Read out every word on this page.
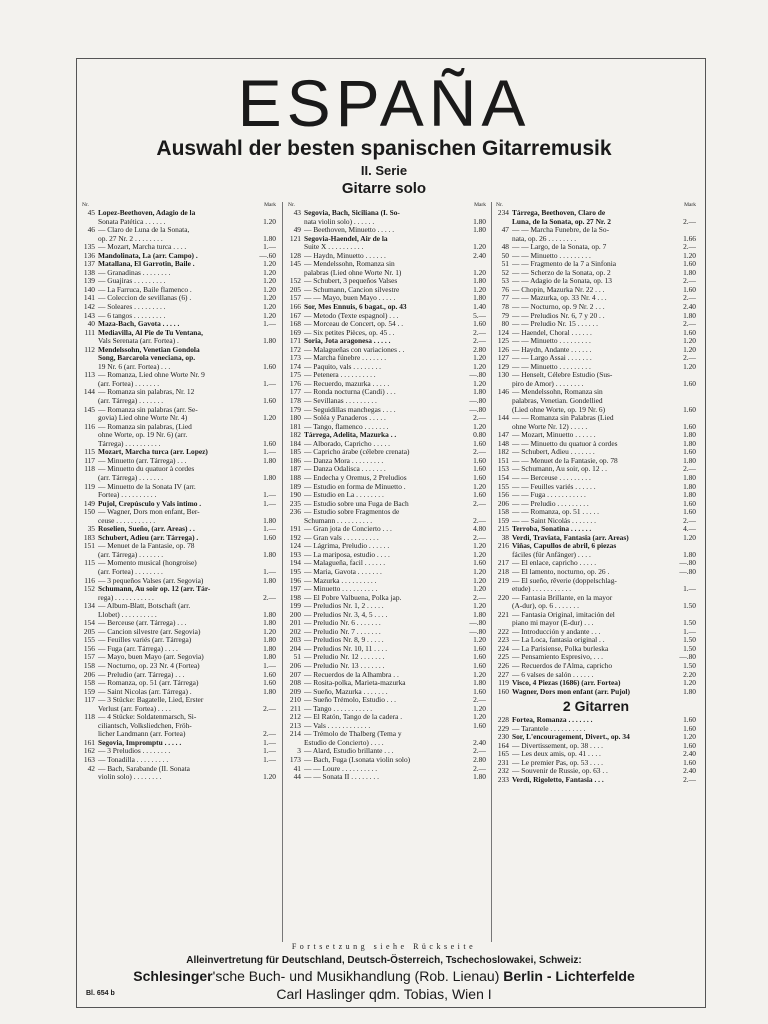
ESPAÑA
Auswahl der besten spanischen Gitarremusik
II. Serie
Gitarre solo
Nr.	Mark
45 Lopez-Beethoven, Adagio de la
Sonata Patética . . . . . .	1.20
46 — Claro de Luna de la Sonata,
op. 27 Nr. 2 . . . . . . . .	1.80
135 — Mozart, Marcha turca . . . .	1.—
136 Mandolinata, La (arr. Campo) .	—.60
137 Matallana, El Garrotin, Baile .	1.20
138 — Granadinas . . . . . . . .	1.20
139 — Guajiras . . . . . . . . .	1.20
140 — La Farruca, Baile flamenco .	1.20
141 — Coleccion de sevillanas (6) .	1.20
142 — Soleares . . . . . . . . .	1.20
143 — 6 tangos . . . . . . . . .	1.20
40 Maza-Bach, Gavota . . . . .	1.—
111 Mediavilla, Al Pie de Tu Ventana,
Vals Serenata (arr. Fortea) .	1.80
112 Mendelssohn, Venetian Gondola
Song, Barcarola veneciana, op.
19 Nr. 6 (arr. Fortea) . . .	1.60
113 — Romanza, Lied ohne Worte Nr. 9
(arr. Fortea) . . . . . . .	1.—
144 — Romanza sin palabras, Nr. 12
(arr. Tárrega) . . . . . . .	1.60
145 — Romanza sin palabras (arr. Se-
govia) Lied ohne Worte Nr. 4)	1.20
116 — Romanza sin palabras, (Lied
ohne Worte, op. 19 Nr. 6) (arr.
Tárrega) . . . . . . . . . .	1.60
115 Mozart, Marcha turca (arr. Lopez)	1.—
117 — Minuetto (arr. Tárrega) . . .	1.80
118 — Minuetto du quatuor à cordes
(arr. Tárrega) . . . . . . .	1.80
119 — Minuetto de la Sonata IV (arr.
Fortea) . . . . . . . . . .	1.—
149 Pujol, Crepúsculo y Vals intimo .	1.—
150 — Wagner, Dors mon enfant, Ber-
ceuse . . . . . . . . . . .	1.80
35 Roselien, Sueño, (arr. Areas) . .	1.—
183 Schubert, Adieu (arr. Tárrega) .	1.60
151 — Menuet de la Fantasie, op. 78
(arr. Tárrega) . . . . . . .	1.80
115 — Momento musical (hongroise)
(arr. Fortea) . . . . . . . .	1.—
116 — 3 pequeños Valses (arr. Segovia)	1.80
152 Schumann, Au soir op. 12 (arr. Tár-
rega) . . . . . . . . . . .	2.—
134 — Album-Blatt, Botschaft (arr.
Llobet) . . . . . . . . . .	1.80
154 — Berceuse (arr. Tárrega) . . .	1.80
205 — Cancion silvestre (arr. Segovia)	1.20
155 — Feuilles variés (arr. Tárrega)	1.80
156 — Fuga (arr. Tárrega) . . . .	1.80
157 — Mayo, buen Mayo (arr. Segovia)	1.80
158 — Nocturno, op. 23 Nr. 4 (Fortea)	1.—
206 — Preludio (arr. Tárrega) . . .	1.60
158 — Romanza, op. 51 (arr. Tárrega)	1.60
159 — Saint Nicolas (arr. Tárrega) .	1.80
117 — 3 Stücke: Bagatelle, Lied, Erster
Verlust (arr. Fortea) . . . .	2.—
118 — 4 Stücke: Soldatenmarsch, Si-
ciliantsch, Volksliedchen, Fröh-
licher Landmann (arr. Fortea)	2.—
161 Segovia, Impromptu . . . . .	1.—
162 — 3 Preludios . . . . . . . .	1.—
163 — Tonadilla . . . . . . . . .	1.—
42 — Bach, Sarabande (II. Sonata
violin solo) . . . . . . . .	1.20
Nr.	Mark
43 Segovia, Bach, Siciliana (I. So-
nata violin solo) . . . . . .	1.80
49 — Beethoven, Minuetto . . . . .	1.80
121 Segovia-Haendel, Air de la
Suite X . . . . . . . . . .	1.20
128 — Haydn, Minuetto . . . . . .	2.40
145 — Mendelssohn, Romanza sin
palabras (Lied ohne Worte Nr. 1)	1.20
152 — Schubert, 3 pequeños Valses	1.80
205 — Schumann, Cancion silvestre	1.20
157 — — Mayo, buen Mayo . . . . .	1.80
166 Sor, Mes Ennuis, 6 bagat., op. 43	1.40
167 — Metodo (Texte espagnol) . . .	5.—
168 — Morceau de Concert, op. 54 . .	1.60
169 — Six petites Pièces, op. 45 . .	2.—
171 Soria, Jota aragonesa . . . . .	2.—
172 — Malagueñas con variaciones . .	2.80
173 — Marcha fúnebre . . . . . . .	1.20
174 — Paquito, vals . . . . . . . .	1.20
175 — Petenera . . . . . . . . . .	—.80
176 — Recuerdo, mazurka . . . . .	1.20
177 — Ronda nocturna (Candi) . . .	1.80
178 — Sevillanas . . . . . . . . .	—.80
179 — Seguidillas manchegas . . . .	—.80
180 — Soléa y Panaderos . . . . .	2.—
181 — Tango, flamenco . . . . . . .	1.20
182 Tárrega, Adelita, Mazurka . .	0.80
184 — Alborado, Capricho . . . . .	1.60
185 — Capricho árabe (célebre crenata)	2.—
186 — Danza Mora . . . . . . . . .	1.60
187 — Danza Odalisca . . . . . . .	1.60
188 — Endecha y Oremus, 2 Preludios	1.60
189 — Estudio en forma de Minuetto .	1.20
190 — Estudio en La . . . . . . . .	1.60
235 — Estudio sobre una Fuga de Bach	2.—
236 — Estudio sobre Fragmentos de
Schumann . . . . . . . . . .	2.—
191 — Gran jota de Concierto . . .	4.80
192 — Gran vals . . . . . . . . . .	2.—
124 — Lágrima, Preludio . . . . . .	1.20
193 — La mariposa, estudio . . . .	1.20
194 — Malagueña, facil . . . . . .	1.60
195 — Maria, Gavota . . . . . . .	1.20
196 — Mazurka . . . . . . . . . .	1.20
197 — Minuetto . . . . . . . . . .	1.20
198 — El Pobre Valbuena, Polka jap.	2.—
199 — Preludios Nr. 1, 2 . . . . .	1.20
200 — Preludios Nr. 3, 4, 5 . . . .	1.80
201 — Preludio Nr. 6 . . . . . . .	—.80
202 — Preludio Nr. 7 . . . . . . .	—.80
203 — Preludios Nr. 8, 9 . . . . .	1.20
204 — Preludios Nr. 10, 11 . . . .	1.60
51 — Preludio Nr. 12 . . . . . . .	1.60
206 — Preludio Nr. 13 . . . . . . .	1.60
207 — Recuerdos de la Alhambra . .	1.20
208 — Rosita-polka, Marieta-mazurka	1.80
209 — Sueño, Mazurka . . . . . . .	1.60
210 — Sueño Trémolo, Estudio . . .	2.—
211 — Tango . . . . . . . . . . .	1.20
212 — El Ratón, Tango de la cadera .	1.20
213 — Vals . . . . . . . . . . . .	1.60
214 — Trémolo de Thalberg (Tema y
Estudio de Concierto) . . . .	2.40
3 — Alard, Estudio brillante . . .	2.—
173 — Bach, Fuga (I.sonata violin solo)	2.80
41 — — Loure . . . . . . . . . .	2.—
44 — — Sonata II . . . . . . . .	1.80
Nr.	Mark
234 Tárrega, Beethoven, Claro de
Luna, de la Sonata, op. 27 Nr. 2	2.—
47 — — Marcha Funebre, de la So-
nata, op. 26 . . . . . . . .	1.66
48 — — Largo, de la Sonata, op. 7	2.—
50 — — Minuetto . . . . . . . . .	1.20
51 — — Fragmento de la 7 a Sinfonia	1.60
52 — — Scherzo de la Sonata, op. 2	1.80
53 — — Adagio de la Sonata, op. 13	2.—
76 — Chopin, Mazurka Nr. 22 . . .	1.60
77 — — Mazurka, op. 33 Nr. 4 . . .	2.—
78 — — Nocturno, op. 9 Nr. 2 . . .	2.40
79 — — Preludios Nr. 6, 7 y 20 . .	1.80
80 — — Preludio Nr. 15 . . . . . .	2.—
124 — Haendel, Choral . . . . . .	1.60
125 — — Minuetto . . . . . . . . .	1.20
126 — Haydn, Andante . . . . . .	1.20
127 — — Largo Assai . . . . . . .	2.—
129 — — Minuetto . . . . . . . . .	1.20
130 — Henselt, Célebre Estudio (Sus-
piro de Amor) . . . . . . . .	1.60
146 — Mendelssohn, Romanza sin
palabras, Venetian. Gondellied
(Lied ohne Worte, op. 19 Nr. 6)	1.60
144 — — Romanza sin Palabras (Lied
ohne Worte Nr. 12) . . . . .	1.60
147 — Mozart, Minuetto . . . . . .	1.80
148 — — Minuetto du quatuor à cordes	1.80
182 — Schubert, Adieu . . . . . . .	1.60
151 — — Menuet de la Fantasie, op. 78	1.80
153 — Schumann, Au soir, op. 12 . .	2.—
154 — — Berceuse . . . . . . . . .	1.80
155 — — Feuilles variés . . . . . .	1.80
156 — — Fuga . . . . . . . . . . .	1.80
206 — — Preludio . . . . . . . . .	1.60
158 — — Romanza, op. 51 . . . . .	1.60
159 — — Saint Nicolás . . . . . . .	2.—
215 Terroba, Sonatina . . . . . .	4.—
38 Verdi, Traviata, Fantasia (arr. Areas)	1.20
216 Viñas, Capullos de abril, 6 piezas
fáciles (für Anfänger) . . . .	1.80
217 — El enlace, capricho . . . . .	—.80
218 — El lamento, nocturno, op. 26 .	—.80
219 — El sueño, rêverie (doppelschlag-
etude) . . . . . . . . . . .	1.—
220 — Fantasia Brillante, en la mayor
(A-dur), op. 6 . . . . . . .	1.50
221 — Fantasia Original, imitación del
piano mi mayor (E-dur) . . .	1.50
222 — Introducción y andante . . .	1.—
223 — La Loca, fantasia original . .	1.50
224 — La Parisiense, Polka burleska	1.50
225 — Pensamiento Espresivo, . . .	—.80
226 — Recuerdos de l'Alma, capricho	1.50
227 — 6 valses de salón . . . . . .	2.20
119 Visco, 4 Piezas (1686) (arr. Fortea)	1.20
160 Wagner, Dors mon enfant (arr. Pujol)	1.80
2 Gitarren
228 Fortea, Romanza . . . . . . .	1.60
229 — Tarantele . . . . . . . . . .	1.60
230 Sor, L'encouragement, Divert., op. 34	1.20
164 — Divertissement, op. 38 . . . .	1.60
165 — Les deux amis, op. 41 . . . .	2.40
231 — Le premier Pas, op. 53 . . . .	1.60
232 — Souvenir de Russie, op. 63 . .	2.40
233 Verdi, Rigoletto, Fantasia . . .	2.—
Fortsetzung siehe Rückseite
Alleinvertretung für Deutschland, Deutsch-Österreich, Tschechoslowakei, Schweiz:
Schlesinger'sche Buch- und Musikhandlung (Rob. Lienau) Berlin - Lichterfelde
Carl Haslinger qdm. Tobias, Wien I
Bl. 654 b
